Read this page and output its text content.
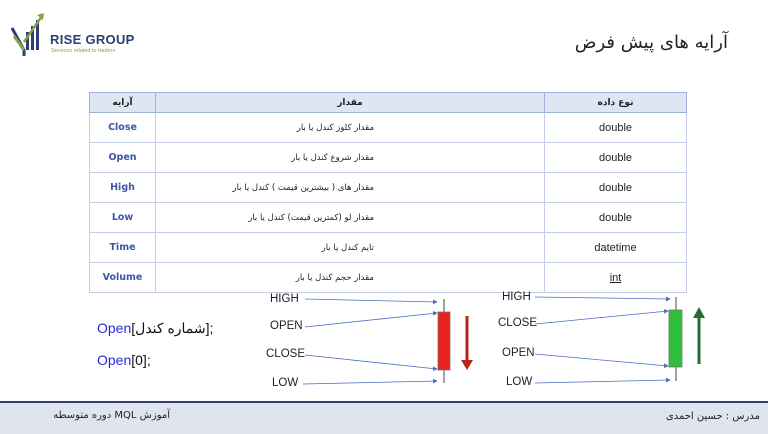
RISE GROUP
Services related to traders	آرایه های پیش فرض
آرایه	مقدار	نوع داده
Close	مقدار کلوز کندل یا بار	double
Open	مقدار شروع کندل یا بار	double
High	مقدار های ( بیشترین قیمت ) کندل یا بار	double
Low	مقدار لو (کمترین قیمت) کندل یا بار	double
Time	تایم کندل یا بار	datetime
Volume	مقدار حجم کندل یا بار	int
Open[شماره کندل];
Open[0];
HIGH
OPEN
CLOSE
LOW
HIGH
CLOSE
OPEN
LOW
مدرس : حسین احمدی
آموزش MQL دوره متوسطه
